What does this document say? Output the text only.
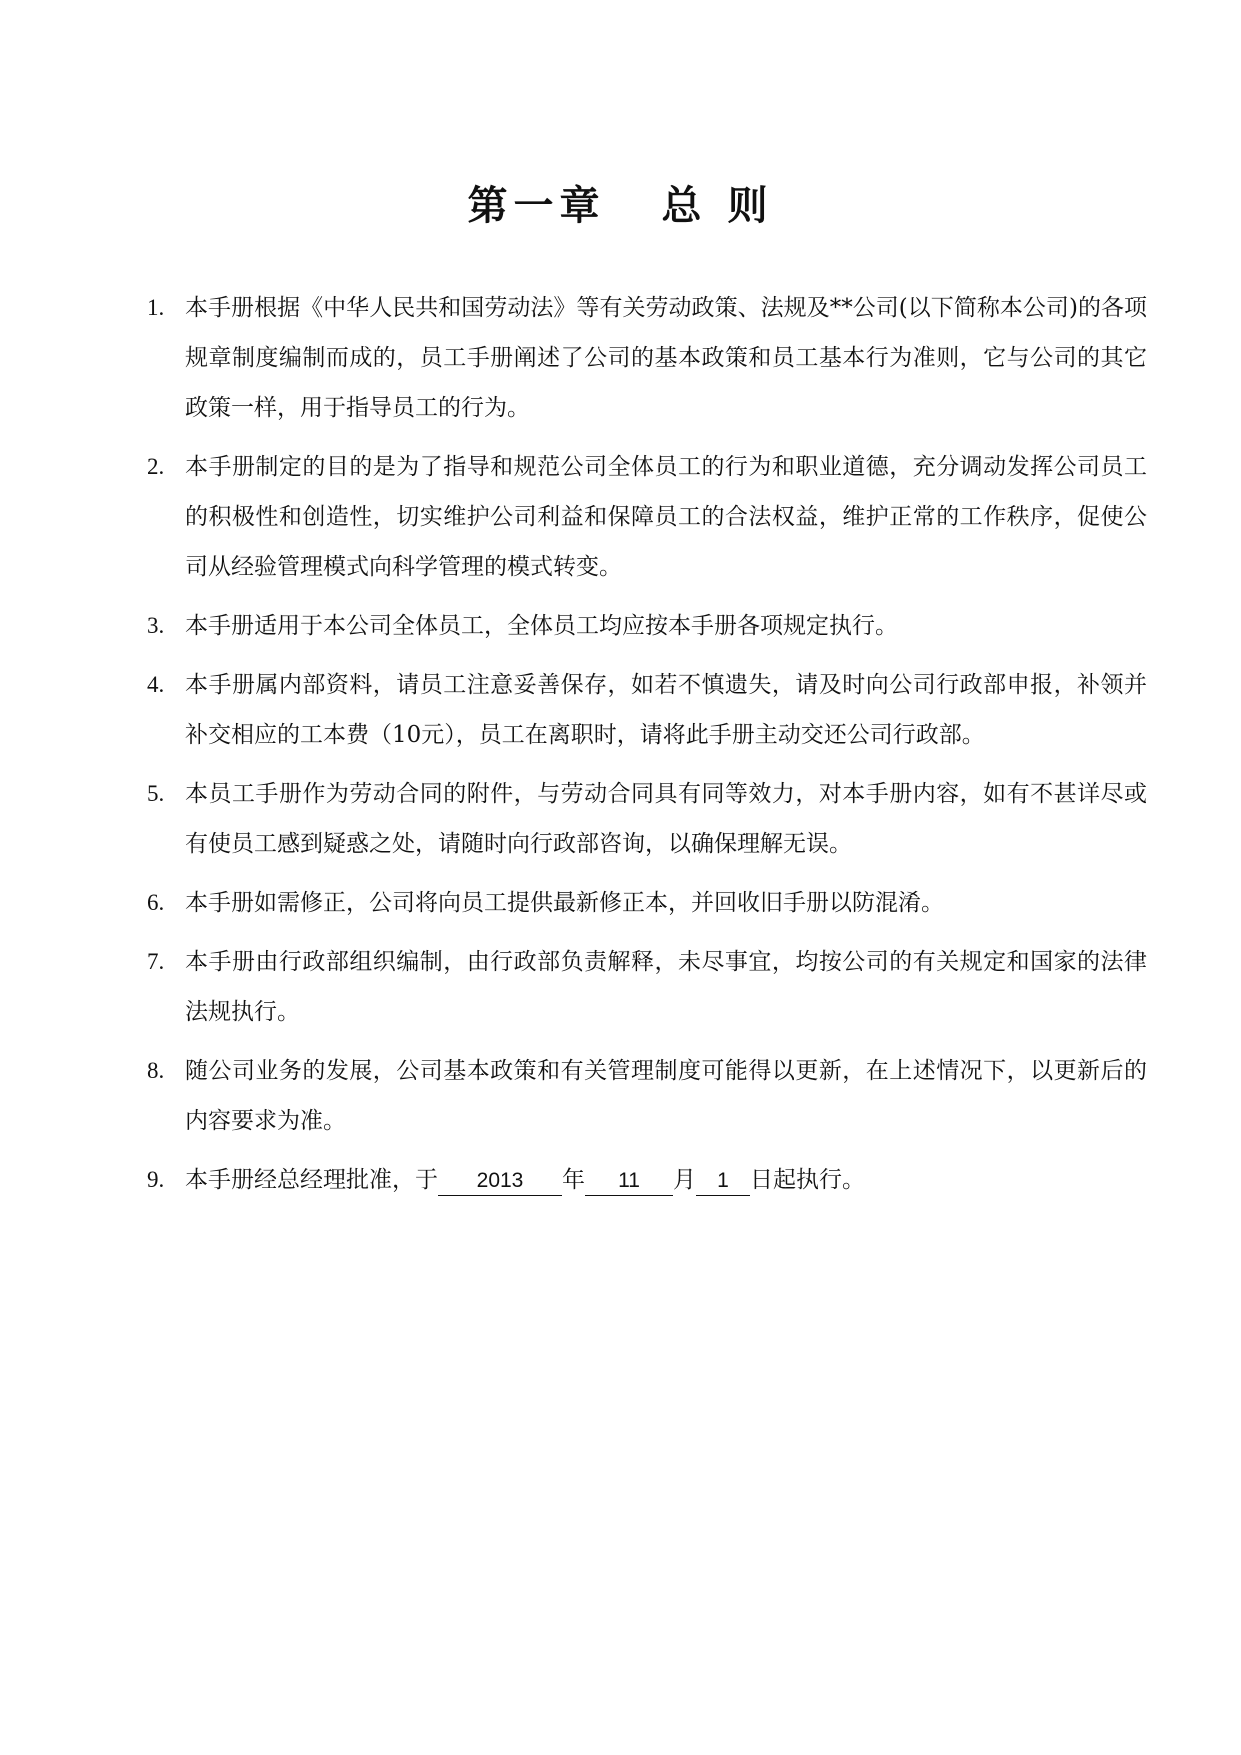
第一章 总 则
1. 本手册根据《中华人民共和国劳动法》等有关劳动政策、法规及**公司(以下简称本公司)的各项规章制度编制而成的，员工手册阐述了公司的基本政策和员工基本行为准则，它与公司的其它政策一样，用于指导员工的行为。
2. 本手册制定的目的是为了指导和规范公司全体员工的行为和职业道德，充分调动发挥公司员工的积极性和创造性，切实维护公司利益和保障员工的合法权益，维护正常的工作秩序，促使公司从经验管理模式向科学管理的模式转变。
3. 本手册适用于本公司全体员工，全体员工均应按本手册各项规定执行。
4. 本手册属内部资料，请员工注意妥善保存，如若不慎遗失，请及时向公司行政部申报，补领并补交相应的工本费（10元），员工在离职时，请将此手册主动交还公司行政部。
5. 本员工手册作为劳动合同的附件，与劳动合同具有同等效力，对本手册内容，如有不甚详尽或有使员工感到疑惑之处，请随时向行政部咨询，以确保理解无误。
6. 本手册如需修正，公司将向员工提供最新修正本，并回收旧手册以防混淆。
7. 本手册由行政部组织编制，由行政部负责解释，未尽事宜，均按公司的有关规定和国家的法律法规执行。
8. 随公司业务的发展，公司基本政策和有关管理制度可能得以更新，在上述情况下，以更新后的内容要求为准。
9. 本手册经总经理批准，于 2013 年 11 月 1 日起执行。
